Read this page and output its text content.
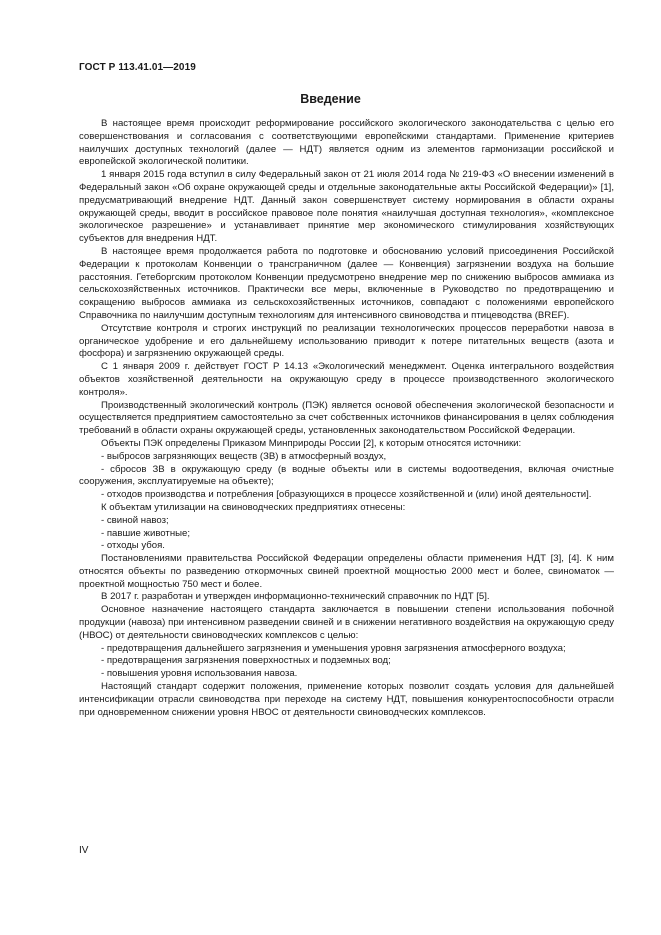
ГОСТ Р 113.41.01—2019
Введение

В настоящее время происходит реформирование российского экологического законодательства с целью его совершенствования и согласования с соответствующими европейскими стандартами. Применение критериев наилучших доступных технологий (далее — НДТ) является одним из элементов гармонизации российской и европейской экологической политики.

1 января 2015 года вступил в силу Федеральный закон от 21 июля 2014 года № 219-ФЗ «О внесении изменений в Федеральный закон «Об охране окружающей среды и отдельные законодательные акты Российской Федерации)» [1], предусматривающий внедрение НДТ. Данный закон совершенствует систему нормирования в области охраны окружающей среды, вводит в российское правовое поле понятия «наилучшая доступная технология», «комплексное экологическое разрешение» и устанавливает принятие мер экономического стимулирования хозяйствующих субъектов для внедрения НДТ.

В настоящее время продолжается работа по подготовке и обоснованию условий присоединения Российской Федерации к протоколам Конвенции о трансграничном (далее — Конвенция) загрязнении воздуха на большие расстояния. Гетеборгским протоколом Конвенции предусмотрено внедрение мер по снижению выбросов аммиака из сельскохозяйственных источников. Практически все меры, включенные в Руководство по предотвращению и сокращению выбросов аммиака из сельскохозяйственных источников, совпадают с положениями европейского Справочника по наилучшим доступным технологиям для интенсивного свиноводства и птицеводства (BREF).

Отсутствие контроля и строгих инструкций по реализации технологических процессов переработки навоза в органическое удобрение и его дальнейшему использованию приводит к потере питательных веществ (азота и фосфора) и загрязнению окружающей среды.

С 1 января 2009 г. действует ГОСТ Р 14.13 «Экологический менеджмент. Оценка интегрального воздействия объектов хозяйственной деятельности на окружающую среду в процессе производственного экологического контроля».

Производственный экологический контроль (ПЭК) является основой обеспечения экологической безопасности и осуществляется предприятием самостоятельно за счет собственных источников финансирования в целях соблюдения требований в области охраны окружающей среды, установленных законодательством Российской Федерации.

Объекты ПЭК определены Приказом Минприроды России [2], к которым относятся источники:

- выбросов загрязняющих веществ (ЗВ) в атмосферный воздух,

- сбросов ЗВ в окружающую среду (в водные объекты или в системы водоотведения, включая очистные сооружения, эксплуатируемые на объекте);

- отходов производства и потребления [образующихся в процессе хозяйственной и (или) иной деятельности].

К объектам утилизации на свиноводческих предприятиях отнесены:

- свиной навоз;

- павшие животные;

- отходы убоя.

Постановлениями правительства Российской Федерации определены области применения НДТ [3], [4]. К ним относятся объекты по разведению откормочных свиней проектной мощностью 2000 мест и более, свиноматок — проектной мощностью 750 мест и более.

В 2017 г. разработан и утвержден информационно-технический справочник по НДТ [5].

Основное назначение настоящего стандарта заключается в повышении степени использования побочной продукции (навоза) при интенсивном разведении свиней и в снижении негативного воздействия на окружающую среду (НВОС) от деятельности свиноводческих комплексов с целью:

- предотвращения дальнейшего загрязнения и уменьшения уровня загрязнения атмосферного воздуха;

- предотвращения загрязнения поверхностных и подземных вод;

- повышения уровня использования навоза.

Настоящий стандарт содержит положения, применение которых позволит создать условия для дальнейшей интенсификации отрасли свиноводства при переходе на систему НДТ, повышения конкурентоспособности отрасли при одновременном снижении уровня НВОС от деятельности свиноводческих комплексов.

IV
